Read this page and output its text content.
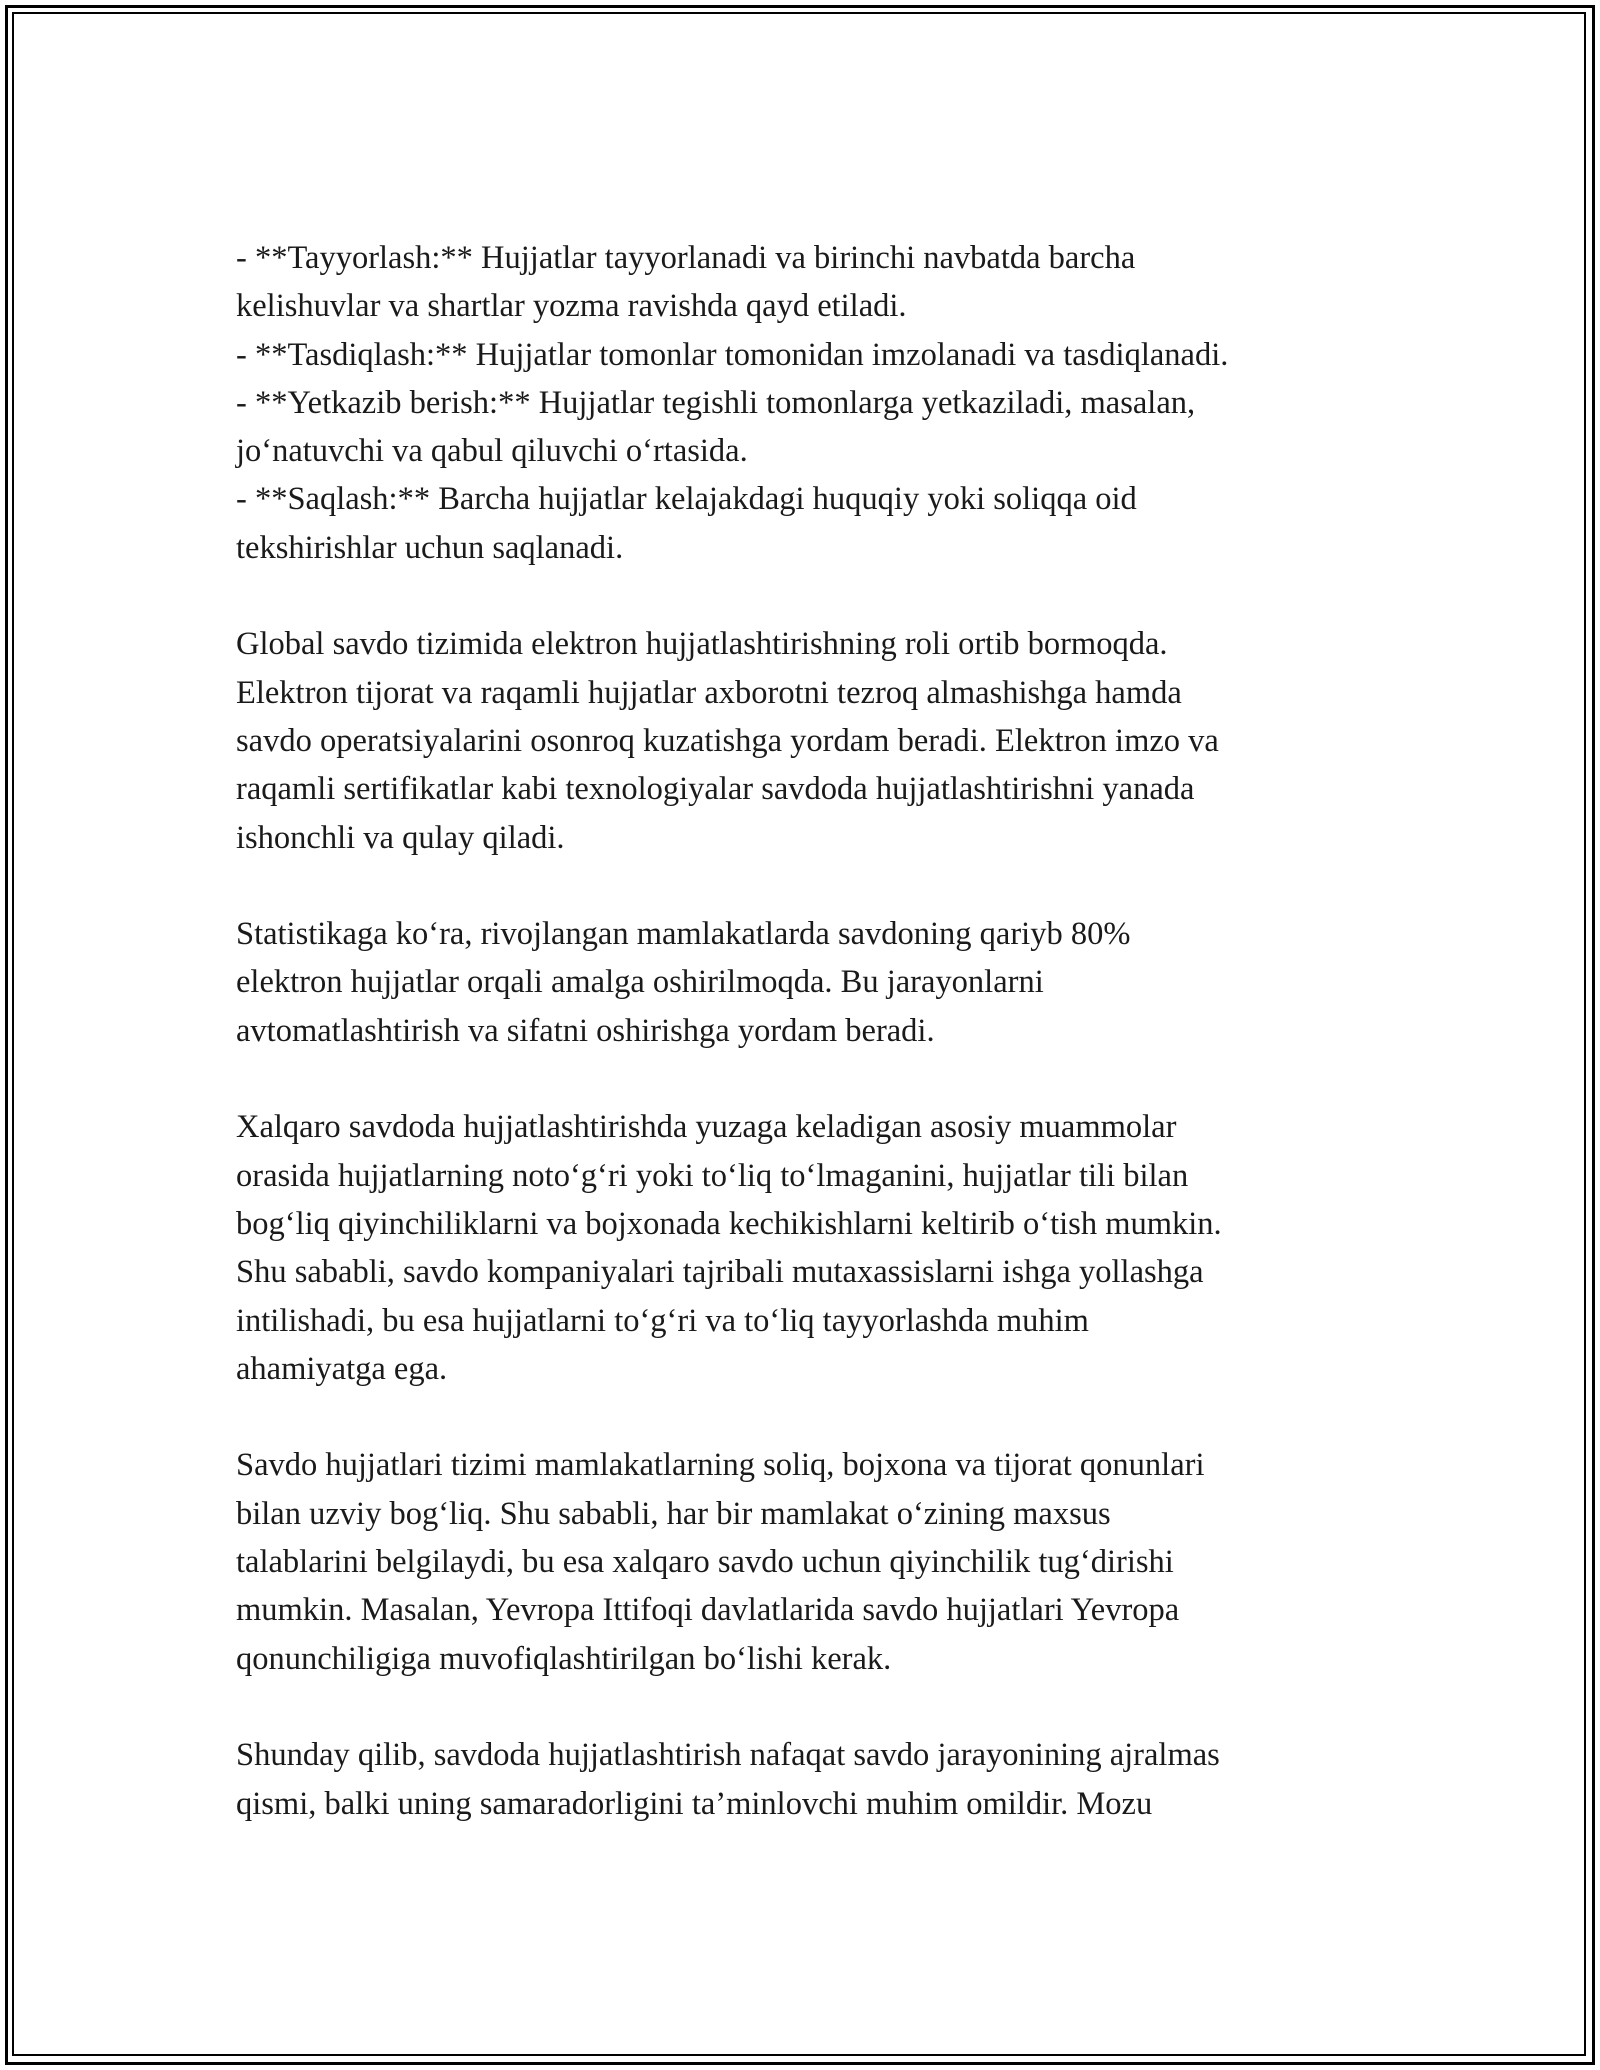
- **Tayyorlash:** Hujjatlar tayyorlanadi va birinchi navbatda barcha

kelishuvlar va shartlar yozma ravishda qayd etiladi.

- **Tasdiqlash:** Hujjatlar tomonlar tomonidan imzolanadi va tasdiqlanadi.

- **Yetkazib berish:** Hujjatlar tegishli tomonlarga yetkaziladi, masalan,

jo‘natuvchi va qabul qiluvchi o‘rtasida.

- **Saqlash:** Barcha hujjatlar kelajakdagi huquqiy yoki soliqqa oid

tekshirishlar uchun saqlanadi.

Global savdo tizimida elektron hujjatlashtirishning roli ortib bormoqda.

Elektron tijorat va raqamli hujjatlar axborotni tezroq almashishga hamda

savdo operatsiyalarini osonroq kuzatishga yordam beradi. Elektron imzo va

raqamli sertifikatlar kabi texnologiyalar savdoda hujjatlashtirishni yanada

ishonchli va qulay qiladi.

Statistikaga ko‘ra, rivojlangan mamlakatlarda savdoning qariyb 80%

elektron hujjatlar orqali amalga oshirilmoqda. Bu jarayonlarni

avtomatlashtirish va sifatni oshirishga yordam beradi.

Xalqaro savdoda hujjatlashtirishda yuzaga keladigan asosiy muammolar

orasida hujjatlarning noto‘g‘ri yoki to‘liq to‘lmaganini, hujjatlar tili bilan

bog‘liq qiyinchiliklarni va bojxonada kechikishlarni keltirib o‘tish mumkin.

Shu sababli, savdo kompaniyalari tajribali mutaxassislarni ishga yollashga

intilishadi, bu esa hujjatlarni to‘g‘ri va to‘liq tayyorlashda muhim

ahamiyatga ega.

Savdo hujjatlari tizimi mamlakatlarning soliq, bojxona va tijorat qonunlari

bilan uzviy bog‘liq. Shu sababli, har bir mamlakat o‘zining maxsus

talablarini belgilaydi, bu esa xalqaro savdo uchun qiyinchilik tug‘dirishi

mumkin. Masalan, Yevropa Ittifoqi davlatlarida savdo hujjatlari Yevropa

qonunchiligiga muvofiqlashtirilgan bo‘lishi kerak.

Shunday qilib, savdoda hujjatlashtirish nafaqat savdo jarayonining ajralmas

qismi, balki uning samaradorligini ta’minlovchi muhim omildir. Mozu
